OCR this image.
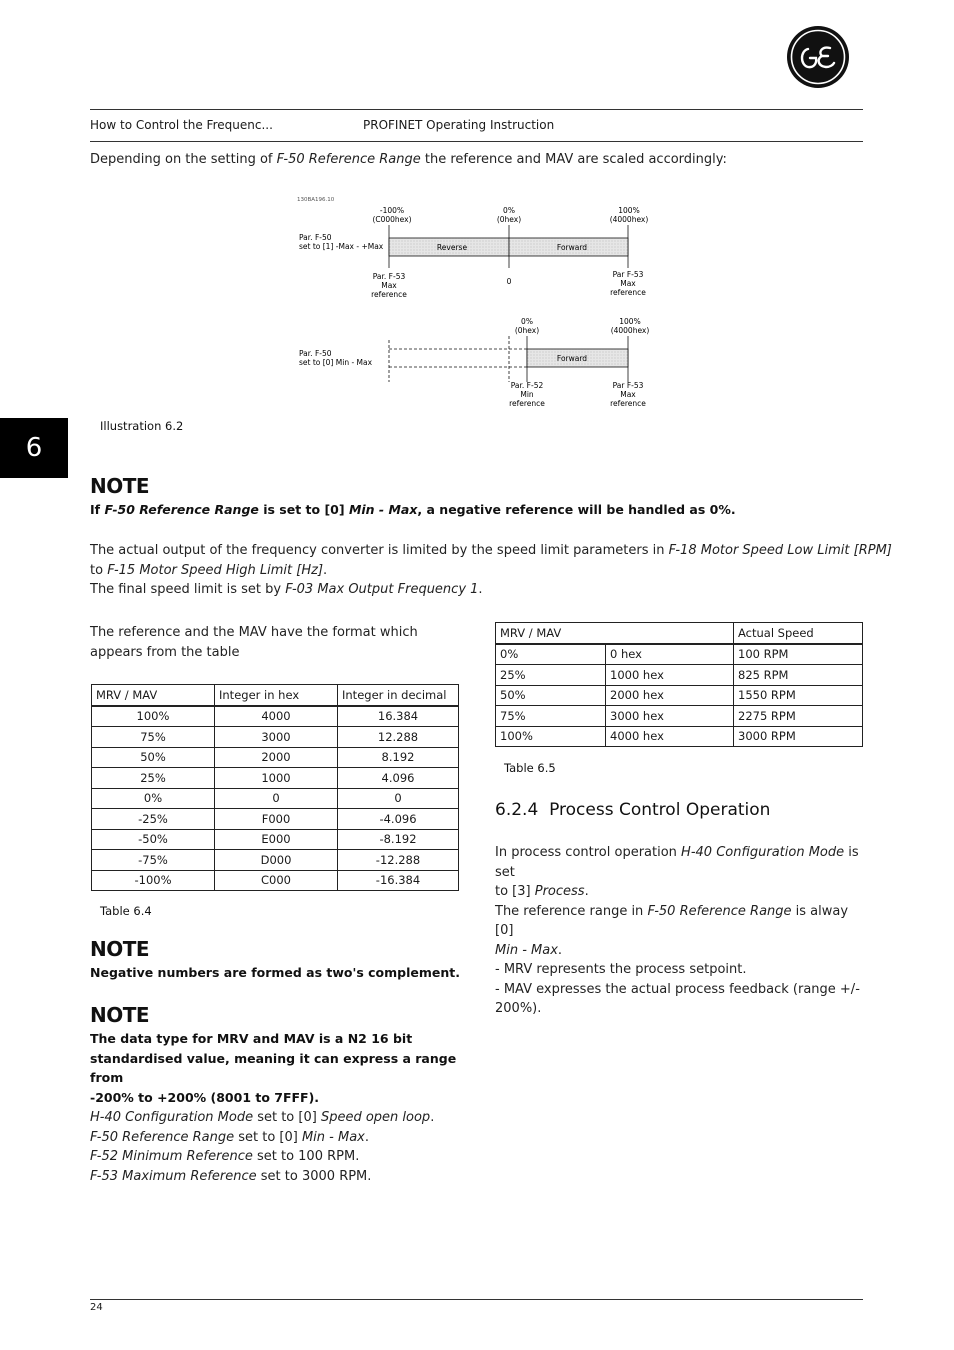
How to Control the Frequenc...	PROFINET Operating Instruction
Depending on the setting of F-50 Reference Range the reference and MAV are scaled accordingly:
130BA196.10
-100%
(C000hex)
0%
(0hex)
100%
(4000hex)
Reverse	Forward
Par. F-50
set to [1] -Max - +Max
Par. F-53
Max
reference
0
Par F-53
Max
reference
0%
(0hex)
100%
(4000hex)
Forward
Par. F-50
set to [0] Min - Max
Par. F-52
Min
reference
Par F-53
Max
reference
Illustration 6.2
6
NOTE
If F-50 Reference Range is set to [0] Min - Max, a negative reference will be handled as 0%.
The actual output of the frequency converter is limited by the speed limit parameters in F-18 Motor Speed Low Limit [RPM]
to F-15 Motor Speed High Limit [Hz].
The final speed limit is set by F-03 Max Output Frequency 1.
The reference and the MAV have the format which appears from the table
MRV / MAV	Integer in hex	Integer in decimal
100%	4000	16.384
75%	3000	12.288
50%	2000	8.192
25%	1000	4.096
0%	0	0
-25%	F000	-4.096
-50%	E000	-8.192
-75%	D000	-12.288
-100%	C000	-16.384
Table 6.4
NOTE
Negative numbers are formed as two's complement.
NOTE
The data type for MRV and MAV is a N2 16 bit
standardised value, meaning it can express a range from
-200% to +200% (8001 to 7FFF).
H-40 Configuration Mode set to [0] Speed open loop.
F-50 Reference Range set to [0] Min - Max.
F-52 Minimum Reference set to 100 RPM.
F-53 Maximum Reference set to 3000 RPM.
MRV / MAV		Actual Speed
0%	0 hex	100 RPM
25%	1000 hex	825 RPM
50%	2000 hex	1550 RPM
75%	3000 hex	2275 RPM
100%	4000 hex	3000 RPM
Table 6.5
6.2.4 Process Control Operation
In process control operation H-40 Configuration Mode is set
to [3] Process.
The reference range in F-50 Reference Range is alway [0]
Min - Max.
- MRV represents the process setpoint.
- MAV expresses the actual process feedback (range +/-
200%).
24
